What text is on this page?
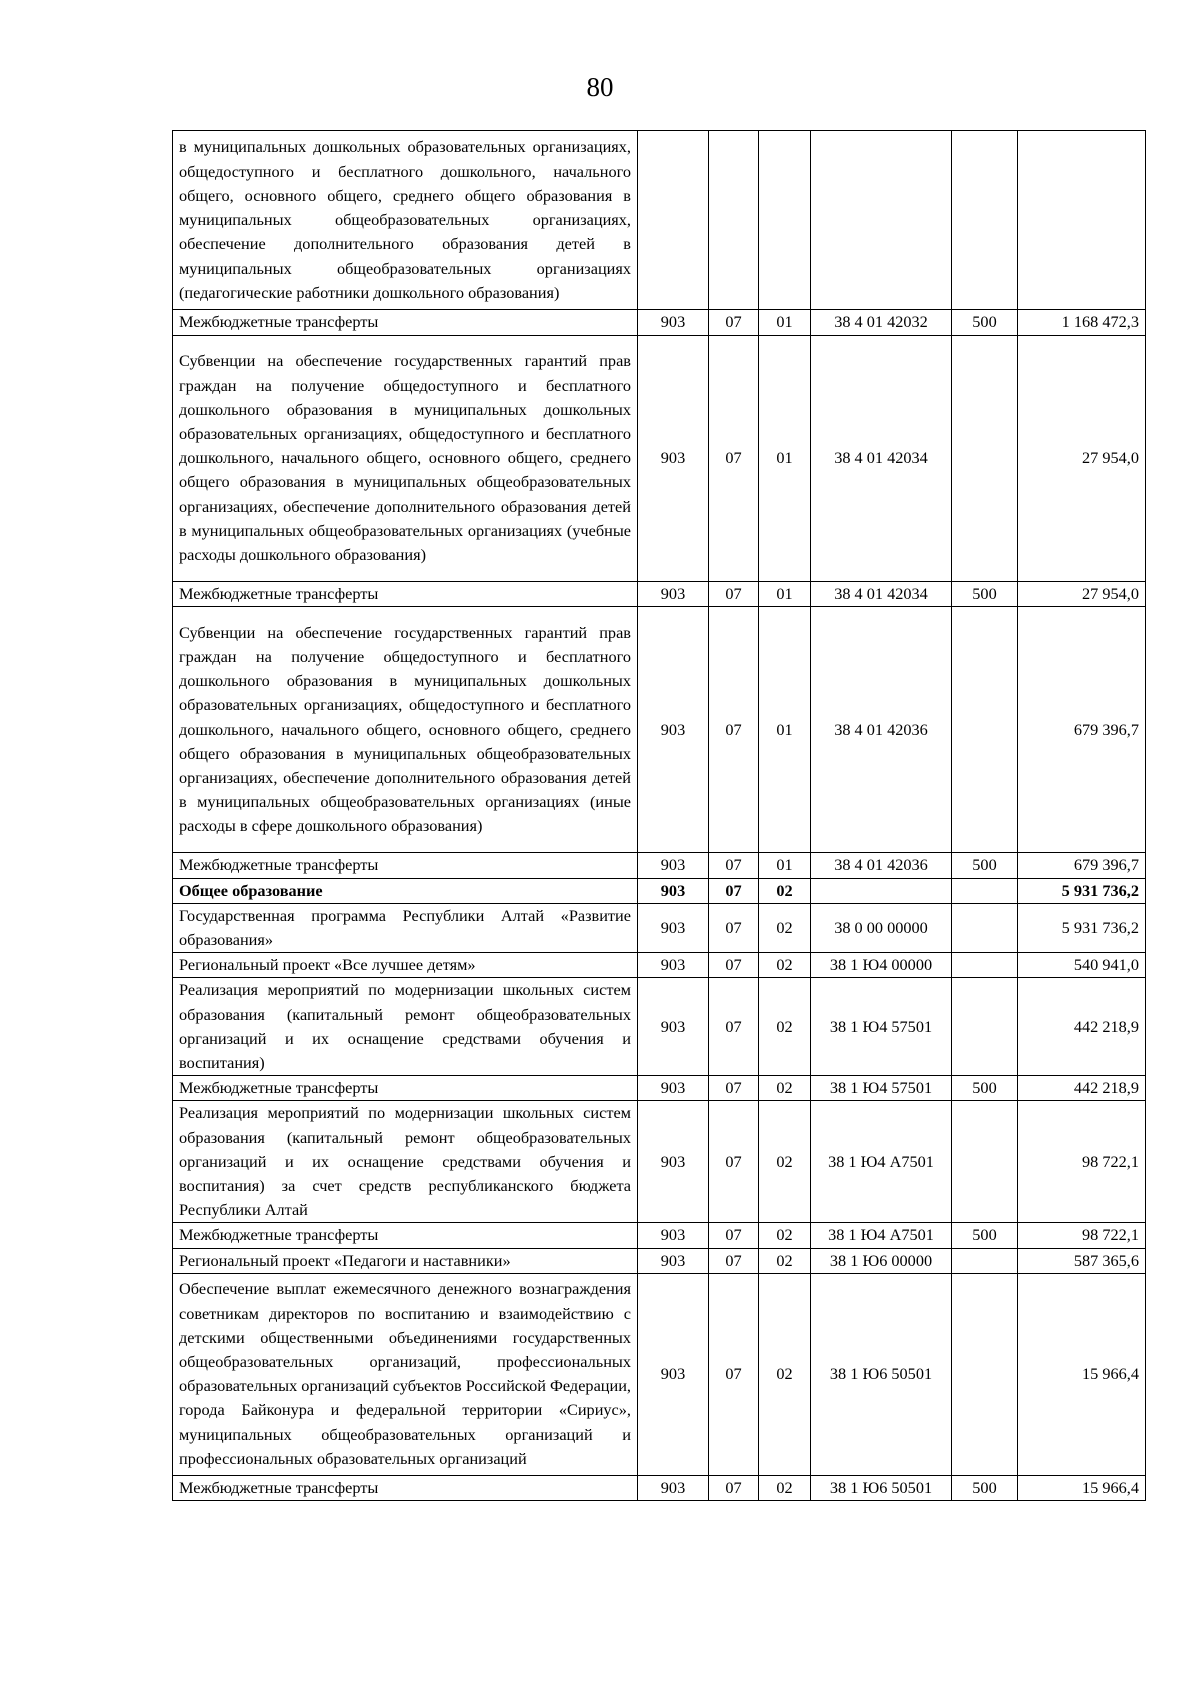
80
в муниципальных дошкольных образовательных организациях, общедоступного и бесплатного дошкольного, начального общего, основного общего, среднего общего образования в муниципальных общеобразовательных организациях, обеспечение дополнительного образования детей в муниципальных общеобразовательных организациях (педагогические работники дошкольного образования)						
Межбюджетные трансферты	903	07	01	38 4 01 42032	500	1 168 472,3
Субвенции на обеспечение государственных гарантий прав граждан на получение общедоступного и бесплатного дошкольного образования в муниципальных дошкольных образовательных организациях, общедоступного и бесплатного дошкольного, начального общего, основного общего, среднего общего образования в муниципальных общеобразовательных организациях, обеспечение дополнительного образования детей в муниципальных общеобразовательных организациях (учебные расходы дошкольного образования)	903	07	01	38 4 01 42034		27 954,0
Межбюджетные трансферты	903	07	01	38 4 01 42034	500	27 954,0
Субвенции на обеспечение государственных гарантий прав граждан на получение общедоступного и бесплатного дошкольного образования в муниципальных дошкольных образовательных организациях, общедоступного и бесплатного дошкольного, начального общего, основного общего, среднего общего образования в муниципальных общеобразовательных организациях, обеспечение дополнительного образования детей в муниципальных общеобразовательных организациях (иные расходы в сфере дошкольного образования)	903	07	01	38 4 01 42036		679 396,7
Межбюджетные трансферты	903	07	01	38 4 01 42036	500	679 396,7
Общее образование	903	07	02			5 931 736,2
Государственная программа Республики Алтай «Развитие образования»	903	07	02	38 0 00 00000		5 931 736,2
Региональный проект «Все лучшее детям»	903	07	02	38 1 Ю4 00000		540 941,0
Реализация мероприятий по модернизации школьных систем образования (капитальный ремонт общеобразовательных организаций и их оснащение средствами обучения и воспитания)	903	07	02	38 1 Ю4 57501		442 218,9
Межбюджетные трансферты	903	07	02	38 1 Ю4 57501	500	442 218,9
Реализация мероприятий по модернизации школьных систем образования (капитальный ремонт общеобразовательных организаций и их оснащение средствами обучения и воспитания) за счет средств республиканского бюджета Республики Алтай	903	07	02	38 1 Ю4 А7501		98 722,1
Межбюджетные трансферты	903	07	02	38 1 Ю4 А7501	500	98 722,1
Региональный проект «Педагоги и наставники»	903	07	02	38 1 Ю6 00000		587 365,6
Обеспечение выплат ежемесячного денежного вознаграждения советникам директоров по воспитанию и взаимодействию с детскими общественными объединениями государственных общеобразовательных организаций, профессиональных образовательных организаций субъектов Российской Федерации, города Байконура и федеральной территории «Сириус», муниципальных общеобразовательных организаций и профессиональных образовательных организаций	903	07	02	38 1 Ю6 50501		15 966,4
Межбюджетные трансферты	903	07	02	38 1 Ю6 50501	500	15 966,4
